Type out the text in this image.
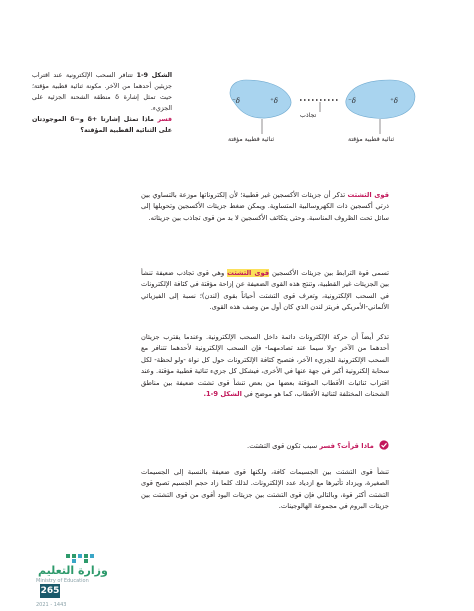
δ⁻	δ⁺	δ⁻	δ⁺
تجاذب
ثنائية قطبية مؤقتة	ثنائية قطبية مؤقتة
الشكل 9-1 تتنافر السحب الإلكترونية عند اقتراب جزيئين أحدهما من الآخر. مكونة ثنائية قطبية مؤقتة؛ حيث تمثل إشارة δ منطقة الشحنة الجزئية على الجزيء.
فسر ماذا تمثل إشارتا +δ و−δ الموجودتان على الثنائية القطبية المؤقتة؟
قوى التشتت تذكر أن جزيئات الأكسجين غير قطبية؛ لأن إلكتروناتها موزعة بالتساوي بين ذرتي أكسجين ذات الكهروسالبية المتساوية. ويمكن ضغط جزيئات الأكسجين وتحويلها إلى سائل تحت الظروف المناسبة. وحتى يتكاثف الأكسجين لا بد من قوى تجاذب بين جزيئاته.
تسمى قوة الترابط بين جزيئات الأكسجين قوى التشتت وهي قوى تجاذب ضعيفة تنشأ بين الجزيئات غير القطبية، وتنتج هذه القوى الضعيفة عن إزاحة مؤقتة في كثافة الإلكترونات في السحب الإلكترونية، وتعرف قوى التشتت أحياناً بقوى (لندن)؛ نسبة إلى الفيزيائي الألماني-الأمريكي فريتز لندن الذي كان أول من وصف هذه القوى.
تذكر أيضاً أن حركة الإلكترونات دائمة داخل السحب الإلكترونية. وعندما يقترب جزيئان أحدهما من الآخر -ولا سيما عند تصادمهما- فإن السحب الإلكترونية لأحدهما تتنافر مع السحب الإلكترونية للجزيء الآخر، فتصبح كثافة الإلكترونات حول كل نواة -ولو لحظة- لكل سحابة إلكترونية أكبر في جهة عنها في الأخرى، فيشكل كل جزيء ثنائية قطبية مؤقتة. وعند اقتراب ثنائيات الأقطاب المؤقتة بعضها من بعض تنشأ قوى تشتت ضعيفة بين مناطق الشحنات المختلفة لثنائية الأقطاب، كما هو موضح في الشكل 9-1.
ماذا قرأت؟ فسر سبب تكون قوى التشتت.
تنشأ قوى التشتت بين الجسيمات كافة، ولكنها قوى ضعيفة بالنسبة إلى الجسيمات الصغيرة، ويزداد تأثيرها مع ازدياد عدد الإلكترونات. لذلك كلما زاد حجم الجسيم تصبح قوى التشتت أكثر قوة، وبالتالي فإن قوى التشتت بين جزيئات اليود أقوى من قوى التشتت بين جزيئات البروم في مجموعة الهالوجينات.
وزارة التعليم
Ministry of Education
265
2021 - 1443
